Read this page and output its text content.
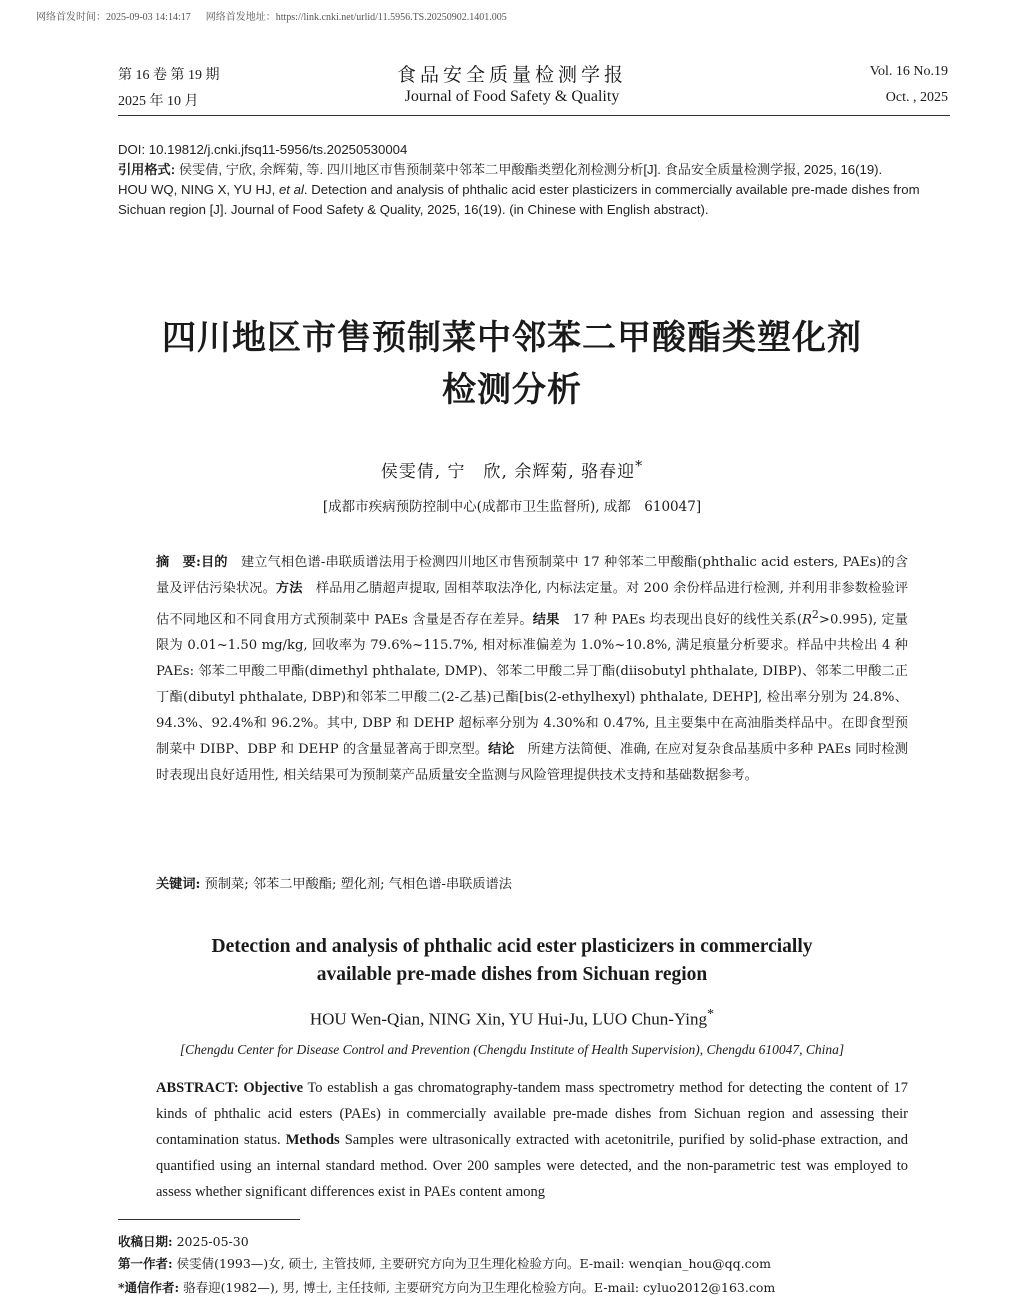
网络首发时间：2025-09-03 14:14:17 网络首发地址：https://link.cnki.net/urlid/11.5956.TS.20250902.1401.005
第 16 卷 第 19 期
2025 年 10 月
食品安全质量检测学报
Journal of Food Safety & Quality
Vol. 16 No.19
Oct. , 2025
DOI: 10.19812/j.cnki.jfsq11-5956/ts.20250530004
引用格式: 侯雯倩, 宁欣, 余辉菊, 等. 四川地区市售预制菜中邻苯二甲酸酯类塑化剂检测分析[J]. 食品安全质量检测学报, 2025, 16(19).
HOU WQ, NING X, YU HJ, et al. Detection and analysis of phthalic acid ester plasticizers in commercially available pre-made dishes from Sichuan region [J]. Journal of Food Safety & Quality, 2025, 16(19). (in Chinese with English abstract).
四川地区市售预制菜中邻苯二甲酸酯类塑化剂
检测分析
侯雯倩, 宁　欣, 余辉菊, 骆春迎*
[成都市疾病预防控制中心(成都市卫生监督所), 成都　610047]
摘　要:目的　建立气相色谱-串联质谱法用于检测四川地区市售预制菜中 17 种邻苯二甲酸酯(phthalic acid esters, PAEs)的含量及评估污染状况。方法　样品用乙腈超声提取, 固相萃取法净化, 内标法定量。对 200 余份样品进行检测, 并利用非参数检验评估不同地区和不同食用方式预制菜中 PAEs 含量是否存在差异。结果　17 种 PAEs 均表现出良好的线性关系$(R^2>0.995)$, 定量限为 0.01~1.50 mg/kg, 回收率为 79.6%~115.7%, 相对标准偏差为 1.0%~10.8%, 满足痕量分析要求。样品中共检出 4 种 PAEs: 邻苯二甲酸二甲酯(dimethyl phthalate, DMP)、邻苯二甲酸二异丁酯(diisobutyl phthalate, DIBP)、邻苯二甲酸二正丁酯(dibutyl phthalate, DBP)和邻苯二甲酸二(2-乙基)己酯[bis(2-ethylhexyl) phthalate, DEHP], 检出率分别为 24.8%、94.3%、92.4%和 96.2%。其中, DBP 和 DEHP 超标率分别为 4.30%和 0.47%, 且主要集中在高油脂类样品中。在即食型预制菜中 DIBP、DBP 和 DEHP 的含量显著高于即烹型。结论　所建方法简便、准确, 在应对复杂食品基质中多种 PAEs 同时检测时表现出良好适用性, 相关结果可为预制菜产品质量安全监测与风险管理提供技术支持和基础数据参考。
关键词: 预制菜; 邻苯二甲酸酯; 塑化剂; 气相色谱-串联质谱法
Detection and analysis of phthalic acid ester plasticizers in commercially
available pre-made dishes from Sichuan region
HOU Wen-Qian, NING Xin, YU Hui-Ju, LUO Chun-Ying*
[Chengdu Center for Disease Control and Prevention (Chengdu Institute of Health Supervision), Chengdu 610047, China]
ABSTRACT: Objective To establish a gas chromatography-tandem mass spectrometry method for detecting the content of 17 kinds of phthalic acid esters (PAEs) in commercially available pre-made dishes from Sichuan region and assessing their contamination status. Methods Samples were ultrasonically extracted with acetonitrile, purified by solid-phase extraction, and quantified using an internal standard method. Over 200 samples were detected, and the non-parametric test was employed to assess whether significant differences exist in PAEs content among
收稿日期: 2025-05-30
第一作者: 侯雯倩(1993—)女, 硕士, 主管技师, 主要研究方向为卫生理化检验方向。E-mail: wenqian_hou@qq.com
*通信作者: 骆春迎(1982—), 男, 博士, 主任技师, 主要研究方向为卫生理化检验方向。E-mail: cyluo2012@163.com
